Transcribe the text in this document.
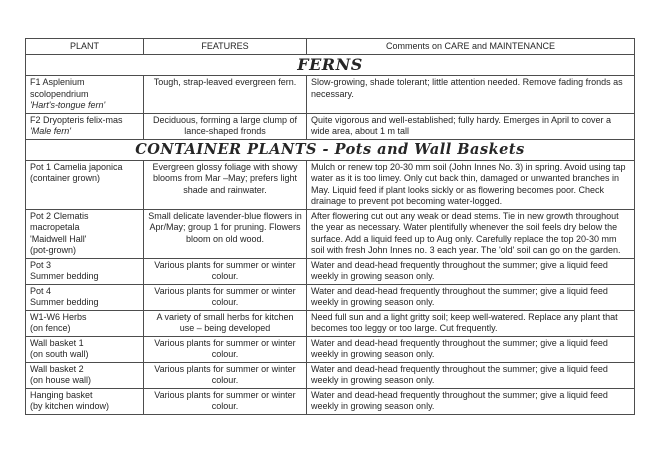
PLANT	FEATURES	Comments on CARE and MAINTENANCE
FERNS		

F1 Asplenium scolopendrium
'Hart's-tongue fern'	Tough, strap-leaved evergreen fern.	Slow-growing, shade tolerant; little attention needed. Remove fading fronds as necessary.

F2 Dryopteris felix-mas
'Male fern'	Deciduous, forming a large clump of lance-shaped fronds	Quite vigorous and well-established; fully hardy. Emerges in April to cover a wide area, about 1 m tall
CONTAINER PLANTS - Pots and Wall Baskets		

Pot 1 Camelia japonica
(container grown)	Evergreen glossy foliage with showy blooms from Mar –May; prefers light shade and rainwater.	Mulch or renew top 20-30 mm soil (John Innes No. 3) in spring. Avoid using tap water as it is too limey. Only cut back thin, damaged or unwanted branches in May. Liquid feed if plant looks sickly or as flowering becomes poor. Check drainage to prevent pot becoming water-logged.

Pot 2 Clematis macropetala
'Maidwell Hall'
(pot-grown)
	Small delicate lavender-blue flowers in Apr/May; group 1 for pruning. Flowers bloom on old wood.	After flowering cut out any weak or dead stems. Tie in new growth throughout the year as necessary. Water plentifully whenever the soil feels dry below the surface. Add a liquid feed up to Aug only. Carefully replace the top 20-30 mm soil with fresh John Innes no. 3 each year. The 'old' soil can go on the garden.

Pot 3
Summer bedding	Various plants for summer or winter colour.	Water and dead-head frequently throughout the summer; give a liquid feed weekly in growing season only.

Pot 4
Summer bedding	Various plants for summer or winter colour.	Water and dead-head frequently throughout the summer; give a liquid feed weekly in growing season only.

W1-W6 Herbs
(on fence)	A variety of small herbs for kitchen use – being developed	Need full sun and a light gritty soil; keep well-watered. Replace any plant that becomes too leggy or too large. Cut frequently.

Wall basket 1
(on south wall)	Various plants for summer or winter colour.	Water and dead-head frequently throughout the summer; give a liquid feed weekly in growing season only.

Wall basket 2
(on house wall)	Various plants for summer or winter colour.	Water and dead-head frequently throughout the summer; give a liquid feed weekly in growing season only.

Hanging basket
(by kitchen window)	Various plants for summer or winter colour.	Water and dead-head frequently throughout the summer; give a liquid feed weekly in growing season only.
